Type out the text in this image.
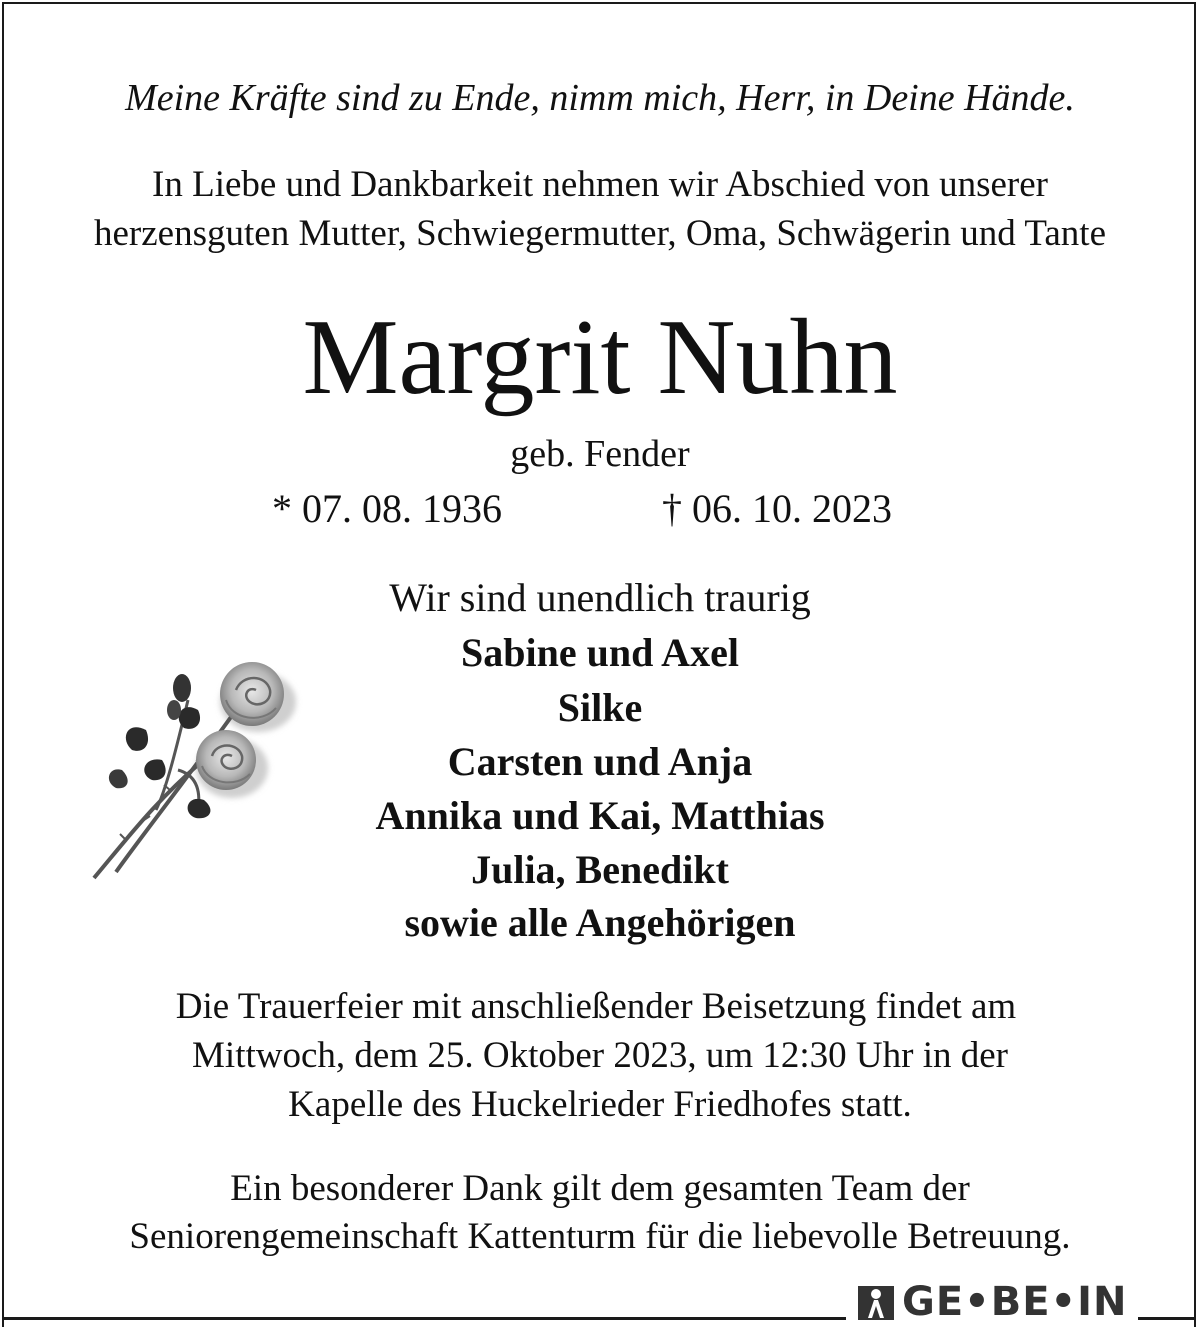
Meine Kräfte sind zu Ende, nimm mich, Herr, in Deine Hände.
In Liebe und Dankbarkeit nehmen wir Abschied von unserer
herzensguten Mutter, Schwiegermutter, Oma, Schwägerin und Tante
Margrit Nuhn
geb. Fender
* 07. 08. 1936	† 06. 10. 2023
Wir sind unendlich traurig
Sabine und Axel
Silke
Carsten und Anja
Annika und Kai, Matthias
Julia, Benedikt
sowie alle Angehörigen
Die Trauerfeier mit anschließender Beisetzung findet am
Mittwoch, dem 25. Oktober 2023, um 12:30 Uhr in der
Kapelle des Huckelrieder Friedhofes statt.
Ein besonderer Dank gilt dem gesamten Team der
Seniorengemeinschaft Kattenturm für die liebevolle Betreuung.
GE•BE•IN
